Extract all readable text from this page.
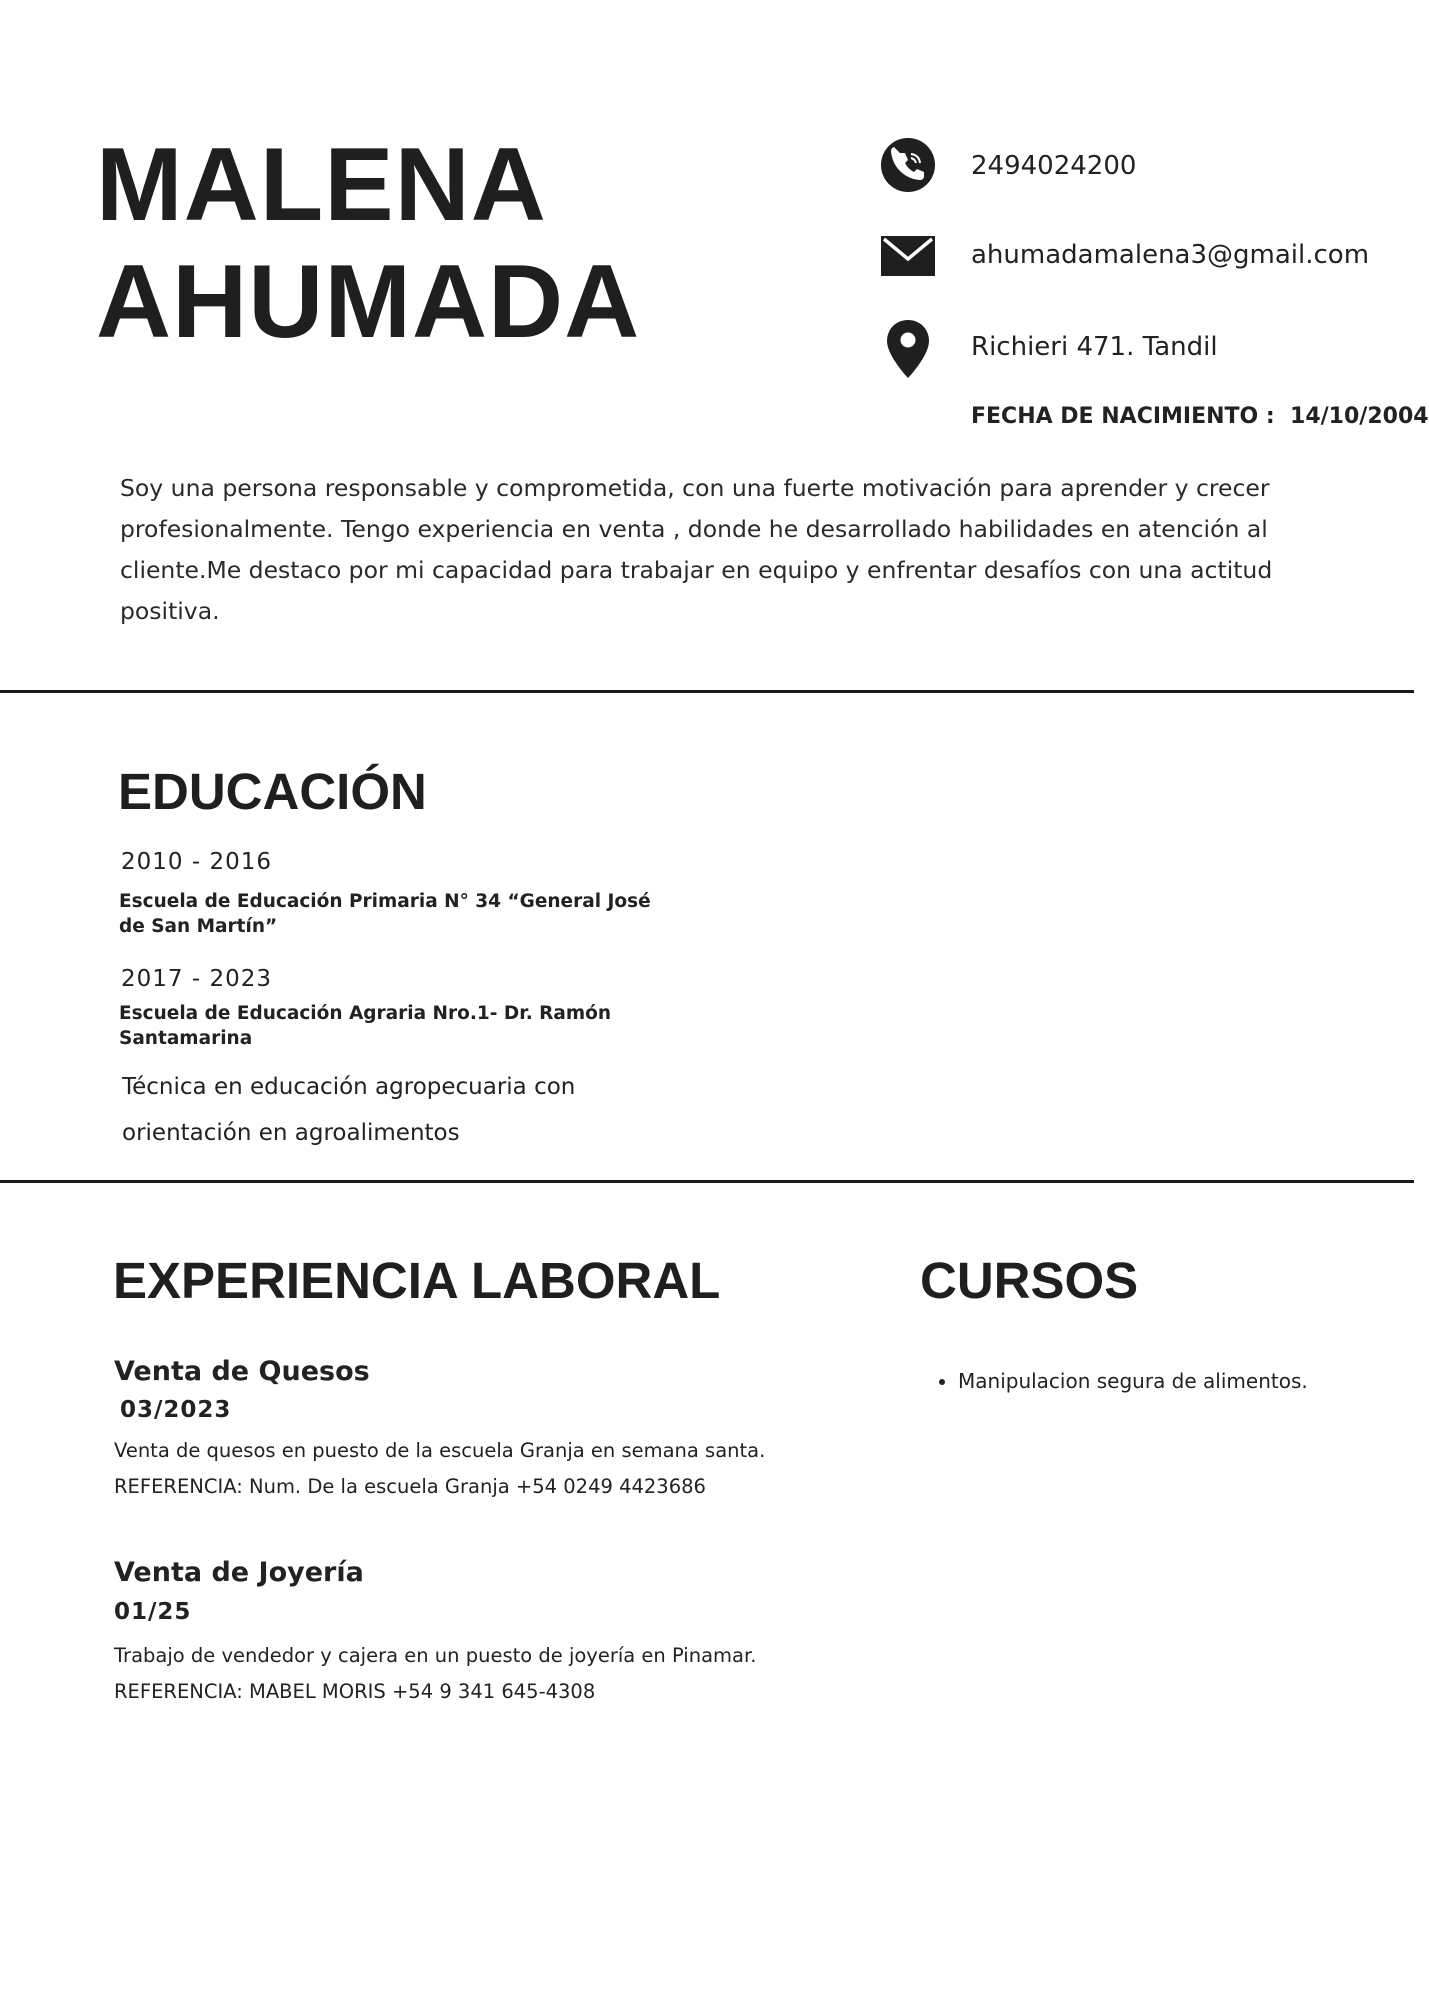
MALENA
AHUMADA
2494024200
ahumadamalena3@gmail.com
Richieri 471. Tandil
FECHA DE NACIMIENTO : 14/10/2004

Soy una persona responsable y comprometida, con una fuerte motivación para aprender y crecer profesionalmente. Tengo experiencia en venta , donde he desarrollado habilidades en atención al cliente.Me destaco por mi capacidad para trabajar en equipo y enfrentar desafíos con una actitud positiva.

EDUCACIÓN
2010 - 2016

Escuela de Educación Primaria N° 34 “General José de San Martín”

2017 - 2023

Escuela de Educación Agraria Nro.1- Dr. Ramón Santamarina

Técnica en educación agropecuaria con orientación en agroalimentos

EXPERIENCIA LABORAL

Venta de Quesos

03/2023

Venta de quesos en puesto de la escuela Granja en semana santa.

REFERENCIA: Num. De la escuela Granja +54 0249 4423686

Venta de Joyería

01/25

Trabajo de vendedor y cajera en un puesto de joyería en Pinamar.

REFERENCIA: MABEL MORIS +54 9 341 645-4308

CURSOS
• Manipulacion segura de alimentos.
